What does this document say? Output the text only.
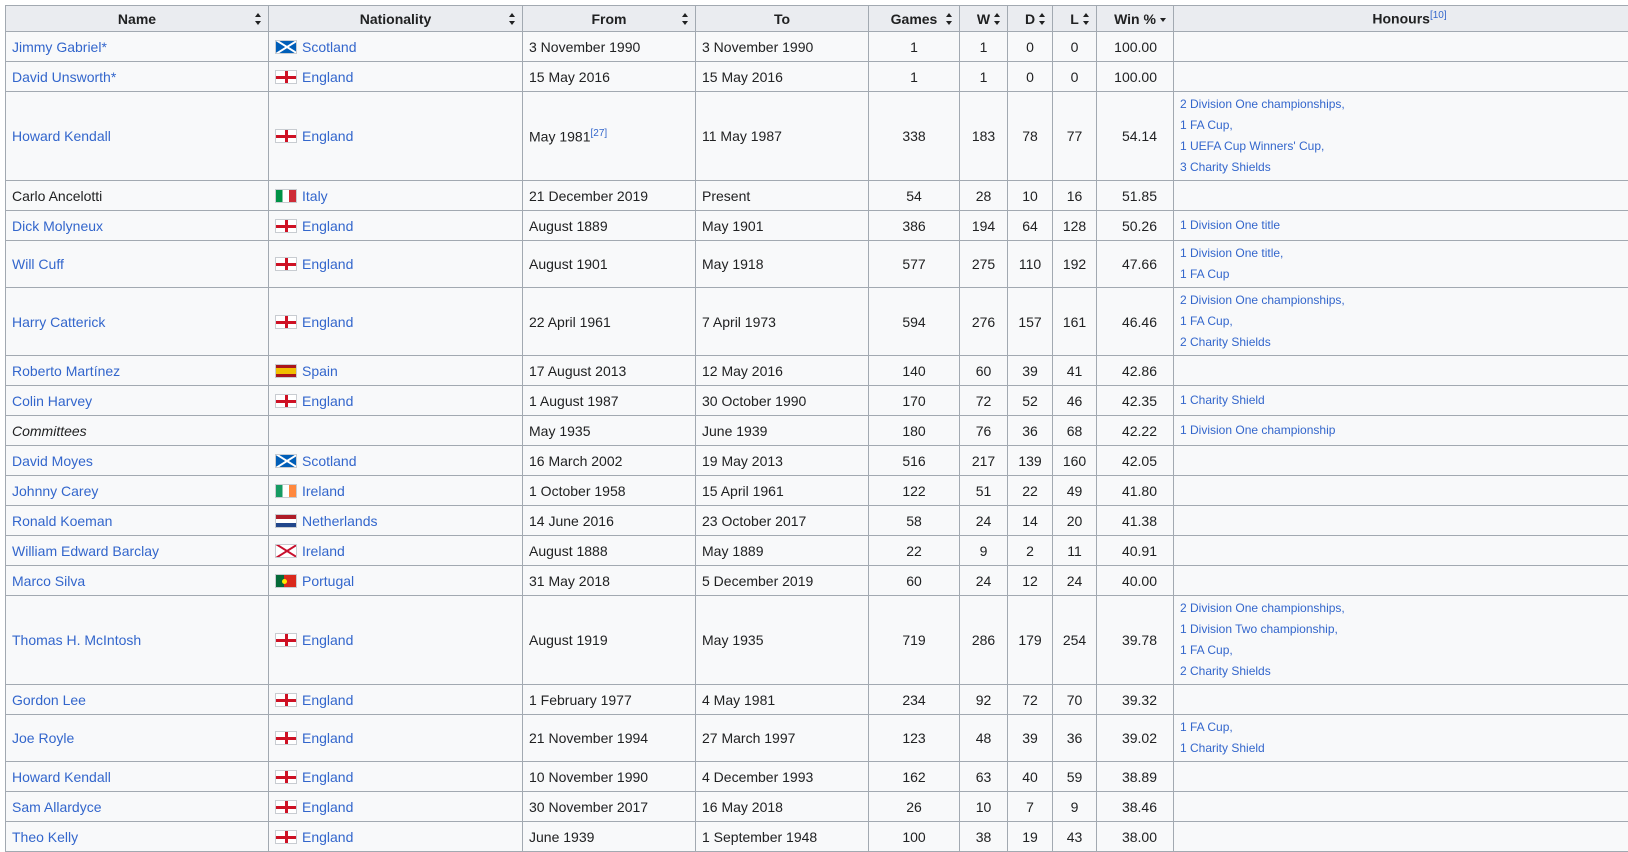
Name	Nationality	From	To	Games	W	D	L	Win %	Honours[10]
Jimmy Gabriel*	Scotland	3 November 1990	3 November 1990	1	1	0	0	100.00	
David Unsworth*	England	15 May 2016	15 May 2016	1	1	0	0	100.00	
Howard Kendall	England	May 1981[27]	11 May 1987	338	183	78	77	54.14	2 Division One championships,
1 FA Cup,
1 UEFA Cup Winners' Cup,
3 Charity Shields

Carlo Ancelotti	Italy	21 December 2019	Present	54	28	10	16	51.85	
Dick Molyneux	England	August 1889	May 1901	386	194	64	128	50.26	1 Division One title

Will Cuff	England	August 1901	May 1918	577	275	110	192	47.66	1 Division One title,
1 FA Cup

Harry Catterick	England	22 April 1961	7 April 1973	594	276	157	161	46.46	2 Division One championships,
1 FA Cup,
2 Charity Shields

Roberto Martínez	Spain	17 August 2013	12 May 2016	140	60	39	41	42.86	
Colin Harvey	England	1 August 1987	30 October 1990	170	72	52	46	42.35	1 Charity Shield

Committees		May 1935	June 1939	180	76	36	68	42.22	1 Division One championship

David Moyes	Scotland	16 March 2002	19 May 2013	516	217	139	160	42.05	
Johnny Carey	Ireland	1 October 1958	15 April 1961	122	51	22	49	41.80	
Ronald Koeman	Netherlands	14 June 2016	23 October 2017	58	24	14	20	41.38	
William Edward Barclay	Ireland	August 1888	May 1889	22	9	2	11	40.91	
Marco Silva	Portugal	31 May 2018	5 December 2019	60	24	12	24	40.00	
Thomas H. McIntosh	England	August 1919	May 1935	719	286	179	254	39.78	2 Division One championships,
1 Division Two championship,
1 FA Cup,
2 Charity Shields

Gordon Lee	England	1 February 1977	4 May 1981	234	92	72	70	39.32	
Joe Royle	England	21 November 1994	27 March 1997	123	48	39	36	39.02	1 FA Cup,
1 Charity Shield

Howard Kendall	England	10 November 1990	4 December 1993	162	63	40	59	38.89	
Sam Allardyce	England	30 November 2017	16 May 2018	26	10	7	9	38.46	
Theo Kelly	England	June 1939	1 September 1948	100	38	19	43	38.00	
